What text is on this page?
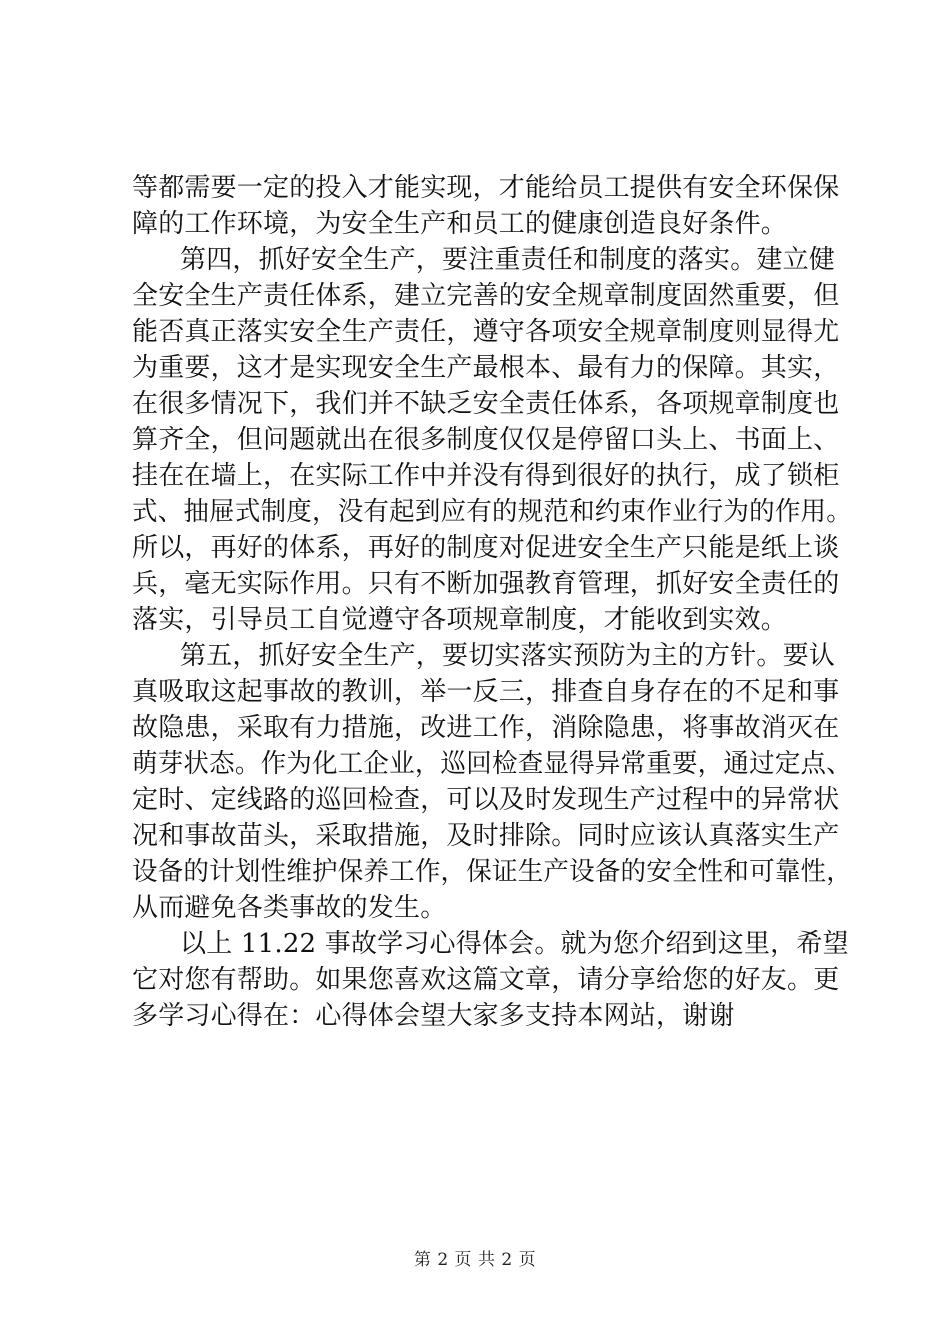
等都需要一定的投入才能实现，才能给员工提供有安全环保保
障的工作环境，为安全生产和员工的健康创造良好条件。
第四，抓好安全生产，要注重责任和制度的落实。建立健
全安全生产责任体系，建立完善的安全规章制度固然重要，但
能否真正落实安全生产责任，遵守各项安全规章制度则显得尤
为重要，这才是实现安全生产最根本、最有力的保障。其实，
在很多情况下，我们并不缺乏安全责任体系，各项规章制度也
算齐全，但问题就出在很多制度仅仅是停留口头上、书面上、
挂在在墙上，在实际工作中并没有得到很好的执行，成了锁柜
式、抽屉式制度，没有起到应有的规范和约束作业行为的作用。
所以，再好的体系，再好的制度对促进安全生产只能是纸上谈
兵，毫无实际作用。只有不断加强教育管理，抓好安全责任的
落实，引导员工自觉遵守各项规章制度，才能收到实效。
第五，抓好安全生产，要切实落实预防为主的方针。要认
真吸取这起事故的教训，举一反三，排查自身存在的不足和事
故隐患，采取有力措施，改进工作，消除隐患，将事故消灭在
萌芽状态。作为化工企业，巡回检查显得异常重要，通过定点、
定时、定线路的巡回检查，可以及时发现生产过程中的异常状
况和事故苗头，采取措施，及时排除。同时应该认真落实生产
设备的计划性维护保养工作，保证生产设备的安全性和可靠性，
从而避免各类事故的发生。
以上 11.22 事故学习心得体会。就为您介绍到这里，希望
它对您有帮助。如果您喜欢这篇文章，请分享给您的好友。更
多学习心得在：心得体会望大家多支持本网站，谢谢
第 2 页 共 2 页
